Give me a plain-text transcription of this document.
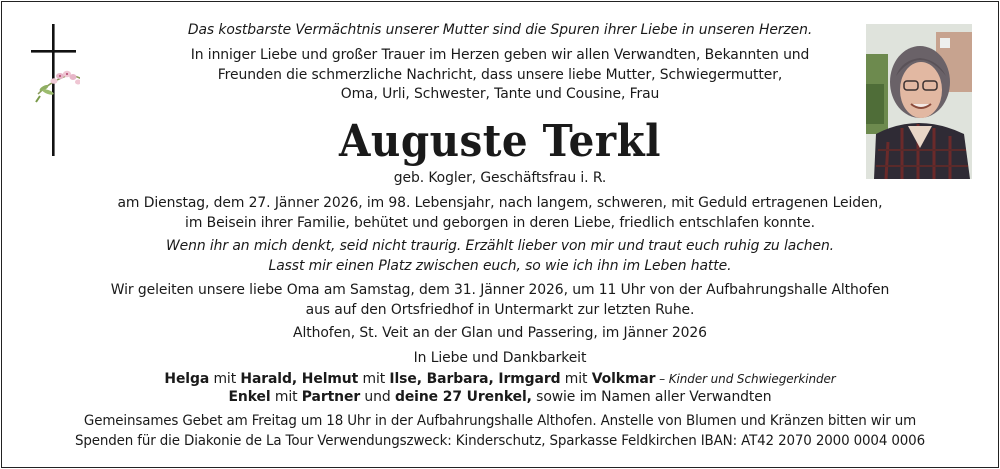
Das kostbarste Vermächtnis unserer Mutter sind die Spuren ihrer Liebe in unseren Herzen.
In inniger Liebe und großer Trauer im Herzen geben wir allen Verwandten, Bekannten und
Freunden die schmerzliche Nachricht, dass unsere liebe Mutter, Schwiegermutter,
Oma, Urli, Schwester, Tante und Cousine, Frau
Auguste Terkl
geb. Kogler, Geschäftsfrau i. R.
am Dienstag, dem 27. Jänner 2026, im 98. Lebensjahr, nach langem, schweren, mit Geduld ertragenen Leiden,
im Beisein ihrer Familie, behütet und geborgen in deren Liebe, friedlich entschlafen konnte.
Wenn ihr an mich denkt, seid nicht traurig. Erzählt lieber von mir und traut euch ruhig zu lachen.
Lasst mir einen Platz zwischen euch, so wie ich ihn im Leben hatte.
Wir geleiten unsere liebe Oma am Samstag, dem 31. Jänner 2026, um 11 Uhr von der Aufbahrungshalle Althofen
aus auf den Ortsfriedhof in Untermarkt zur letzten Ruhe.
Althofen, St. Veit an der Glan und Passering, im Jänner 2026
In Liebe und Dankbarkeit
Helga mit Harald, Helmut mit Ilse, Barbara, Irmgard mit Volkmar – Kinder und Schwiegerkinder
Enkel mit Partner und deine 27 Urenkel, sowie im Namen aller Verwandten
Gemeinsames Gebet am Freitag um 18 Uhr in der Aufbahrungshalle Althofen. Anstelle von Blumen und Kränzen bitten wir um
Spenden für die Diakonie de La Tour Verwendungszweck: Kinderschutz, Sparkasse Feldkirchen IBAN: AT42 2070 2000 0004 0006
